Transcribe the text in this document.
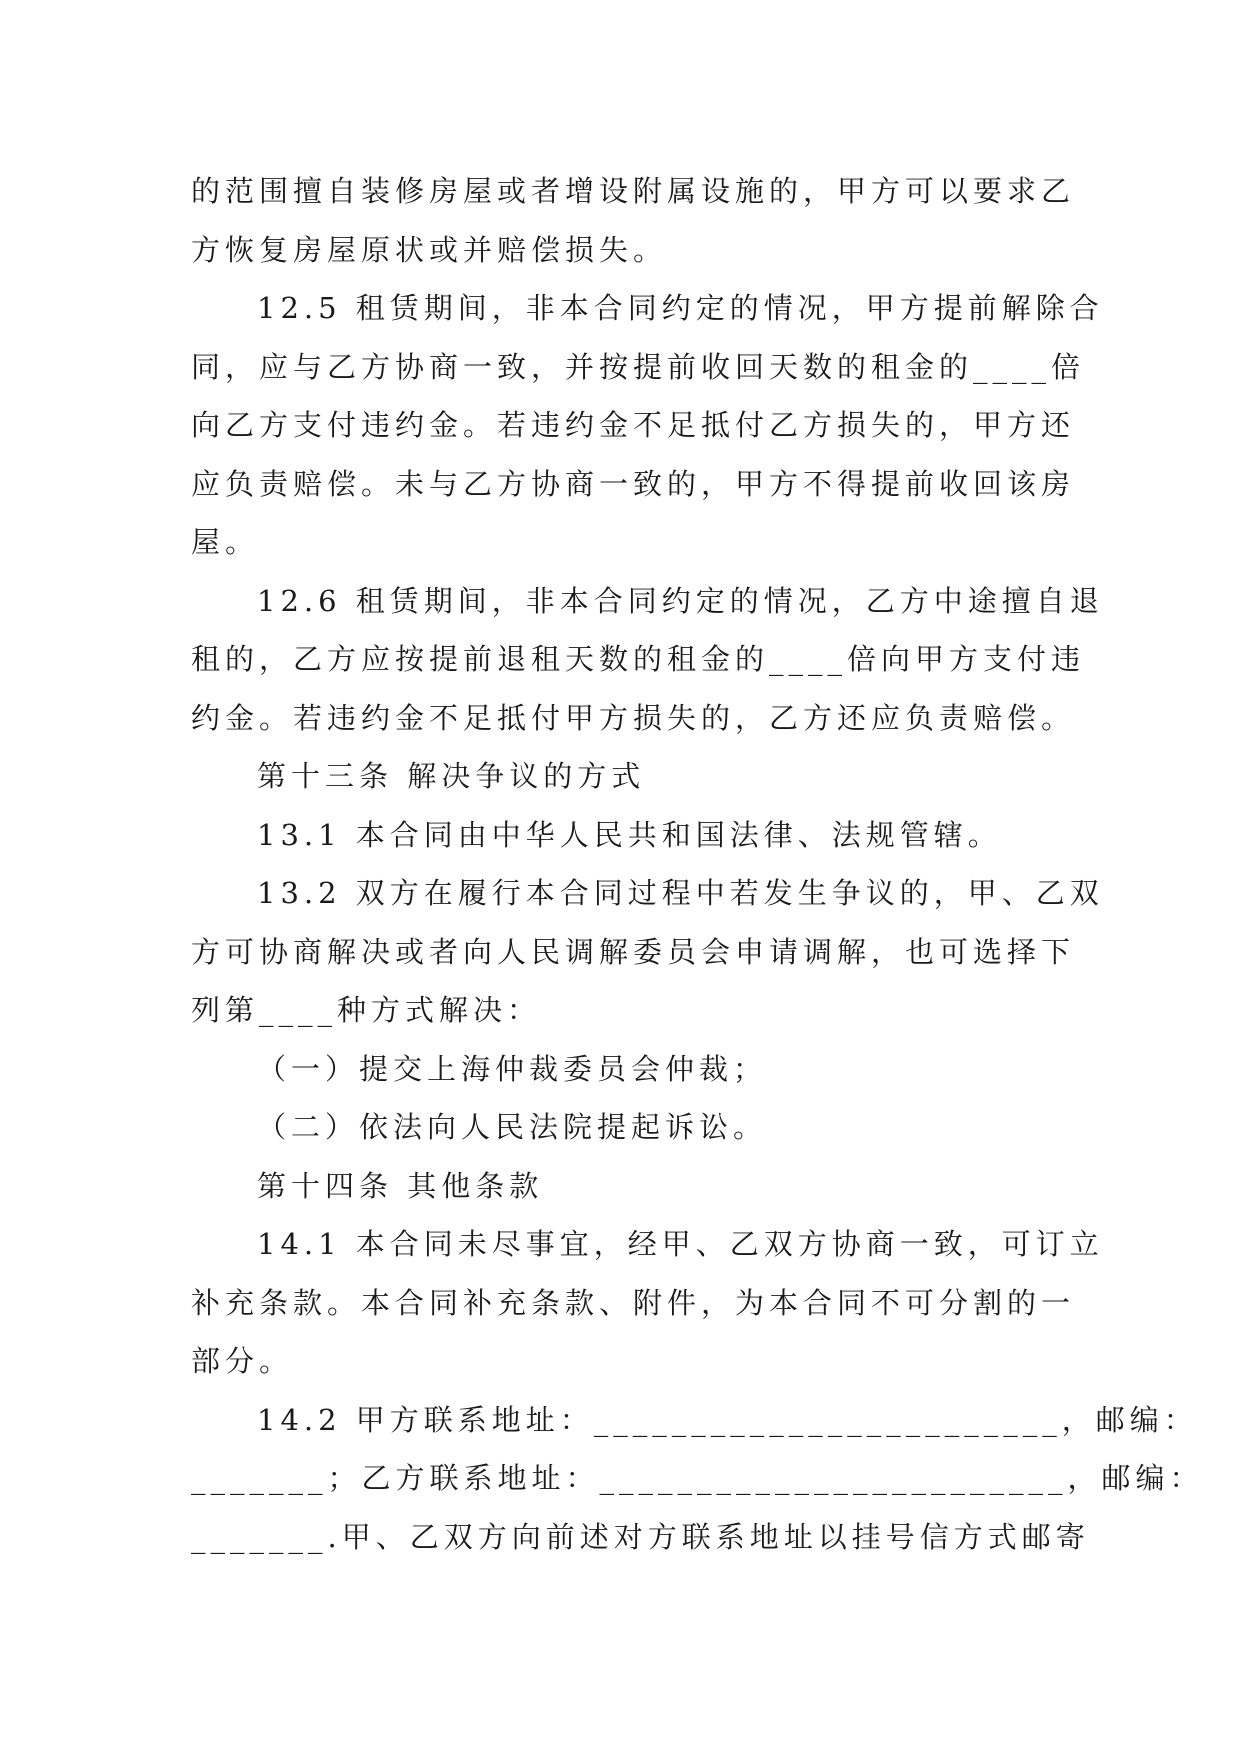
的范围擅自装修房屋或者增设附属设施的，甲方可以要求乙
方恢复房屋原状或并赔偿损失。
12.5 租赁期间，非本合同约定的情况，甲方提前解除合
同，应与乙方协商一致，并按提前收回天数的租金的____倍
向乙方支付违约金。若违约金不足抵付乙方损失的，甲方还
应负责赔偿。未与乙方协商一致的，甲方不得提前收回该房
屋。
12.6 租赁期间，非本合同约定的情况，乙方中途擅自退
租的，乙方应按提前退租天数的租金的____倍向甲方支付违
约金。若违约金不足抵付甲方损失的，乙方还应负责赔偿。
第十三条 解决争议的方式
13.1 本合同由中华人民共和国法律、法规管辖。
13.2 双方在履行本合同过程中若发生争议的，甲、乙双
方可协商解决或者向人民调解委员会申请调解，也可选择下
列第____种方式解决：
（一）提交上海仲裁委员会仲裁；
（二）依法向人民法院提起诉讼。
第十四条 其他条款
14.1 本合同未尽事宜，经甲、乙双方协商一致，可订立
补充条款。本合同补充条款、附件，为本合同不可分割的一
部分。
14.2 甲方联系地址：________________________，邮编：
_______；乙方联系地址：________________________，邮编：
_______.甲、乙双方向前述对方联系地址以挂号信方式邮寄
